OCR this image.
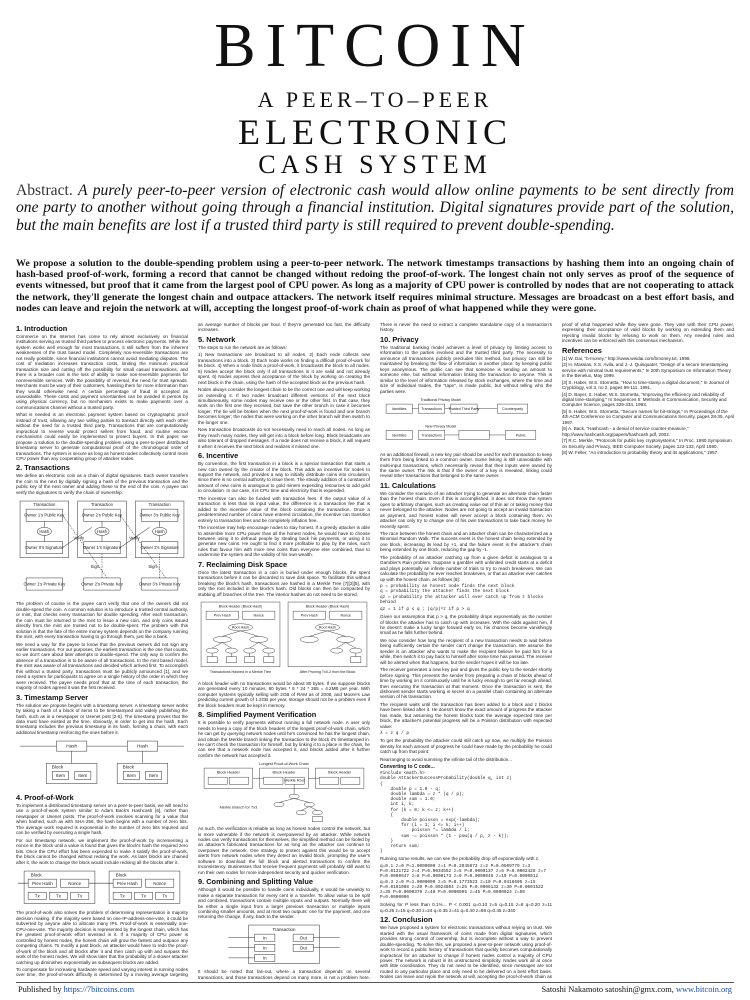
BITCOIN
A PEER–TO–PEER
ELECTRONIC
CASH SYSTEM
Abstract. A purely peer-to-peer version of electronic cash would allow online payments to be sent directly from one party to another without going through a financial institution. Digital signatures provide part of the solution, but the main benefits are lost if a trusted third party is still required to prevent double-spending.
We propose a solution to the double-spending problem using a peer-to-peer network. The network timestamps transactions by hashing them into an ongoing chain of hash-based proof-of-work, forming a record that cannot be changed without redoing the proof-of-work. The longest chain not only serves as proof of the sequence of events witnessed, but proof that it came from the largest pool of CPU power. As long as a majority of CPU power is controlled by nodes that are not cooperating to attack the network, they'll generate the longest chain and outpace attackers. The network itself requires minimal structure. Messages are broadcast on a best effort basis, and nodes can leave and rejoin the network at will, accepting the longest proof-of-work chain as proof of what happened while they were gone.
1. Introduction

Commerce on the Internet has come to rely almost exclusively on financial institutions serving as trusted third parties to process electronic payments. While the system works well enough for most transactions, it still suffers from the inherent weaknesses of the trust based model. Completely non-reversible transactions are not really possible, since financial institutions cannot avoid mediating disputes. The cost of mediation increases transaction costs, limiting the minimum practical transaction size and cutting off the possibility for small casual transactions, and there is a broader cost in the loss of ability to make non-reversible payments for nonreversible services. With the possibility of reversal, the need for trust spreads. Merchants must be wary of their customers, hassling them for more information than they would otherwise need. A certain percentage of fraud is accepted as unavoidable. These costs and payment uncertainties can be avoided in person by using physical currency, but no mechanism exists to make payments over a communications channel without a trusted party.

What is needed is an electronic payment system based on cryptographic proof instead of trust, allowing any two willing parties to transact directly with each other without the need for a trusted third party. Transactions that are computationally impractical to reverse would protect sellers from fraud, and routine escrow mechanisms could easily be implemented to protect buyers. In this paper, we propose a solution to the double-spending problem using a peer-to-peer distributed timestamp server to generate computational proof of the chronological order of transactions. The system is secure as long as honest nodes collectively control more CPU power than any cooperating group of attacker nodes.

2. Transactions

We define an electronic coin as a chain of digital signatures. Each owner transfers the coin to the next by digitally signing a hash of the previous transaction and the public key of the next owner and adding these to the end of the coin. A payee can verify the signatures to verify the chain of ownership.

Transaction	Transaction	Transaction
Owner 1's Public Key	Owner 2's Public Key	Owner 3's Public Key
Hash	Hash	Hash
Owner 0's Signature	Owner 1's Signature	Owner 2's Signature
Owner 1's Private Key	Owner 2's Private Key	Owner 3's Private Key
Verify	Verify
Sign	Sign

The problem of course is the payee can't verify that one of the owners did not double-spend the coin. A common solution is to introduce a trusted central authority, or mint, that checks every transaction for double spending. After each transaction, the coin must be returned to the mint to issue a new coin, and only coins issued directly from the mint are trusted not to be double-spent. The problem with this solution is that the fate of the entire money system depends on the company running the mint, with every transaction having to go through them, just like a bank.

We need a way for the payee to know that the previous owners did not sign any earlier transactions. For our purposes, the earliest transaction is the one that counts, so we don't care about later attempts to double-spend. The only way to confirm the absence of a transaction is to be aware of all transactions. In the mint based model, the mint was aware of all transactions and decided which arrived first. To accomplish this without a trusted party, transactions must be publicly announced [1], and we need a system for participants to agree on a single history of the order in which they were received. The payee needs proof that at the time of each transaction, the majority of nodes agreed it was the first received.

3. Timestamp Server

The solution we propose begins with a timestamp server. A timestamp server works by taking a hash of a block of items to be timestamped and widely publishing the hash, such as in a newspaper or Usenet post [2-5]. The timestamp proves that the data must have existed at the time, obviously, in order to get into the hash. Each timestamp includes the previous timestamp in its hash, forming a chain, with each additional timestamp reinforcing the ones before it.

Hash	Hash
Block	Block
Item	Item	Item	Item
4. Proof-of-Work

To implement a distributed timestamp server on a peer-to-peer basis, we will need to use a proof-of-work system similar to Adam Back's Hashcash [6], rather than newspaper or Usenet posts. The proof-of-work involves scanning for a value that when hashed, such as with SHA-256, the hash begins with a number of zero bits. The average work required is exponential in the number of zero bits required and can be verified by executing a single hash.

For our timestamp network, we implement the proof-of-work by incrementing a nonce in the block until a value is found that gives the block's hash the required zero bits. Once the CPU effort has been expended to make it satisfy the proof-of-work, the block cannot be changed without redoing the work. As later blocks are chained after it, the work to change the block would include redoing all the blocks after it.

Block	Block
Prev Hash	Nonce	Prev Hash	Nonce
Tx	Tx	Tx	Tx	Tx	Tx

The proof-of-work also solves the problem of determining representation in majority decision making. If the majority were based on one-IP-address-one-vote, it could be subverted by anyone able to allocate many IPs. Proof-of-work is essentially one-CPU-one-vote. The majority decision is represented by the longest chain, which has the greatest proof-of-work effort invested in it. If a majority of CPU power is controlled by honest nodes, the honest chain will grow the fastest and outpace any competing chains. To modify a past block, an attacker would have to redo the proof-of-work of the block and all blocks after it and then catch up with and surpass the work of the honest nodes. We will show later that the probability of a slower attacker catching up diminishes exponentially as subsequent blocks are added.

To compensate for increasing hardware speed and varying interest in running nodes over time, the proof-of-work difficulty is determined by a moving average targeting an average number of blocks per hour. If they're generated too fast, the difficulty increases.

5. Network

The steps to run the network are as follows:

1) New transactions are broadcast to all nodes. 2) Each node collects new transactions into a block. 3) Each node works on finding a difficult proof-of-work for its block. 4) When a node finds a proof-of-work, it broadcasts the block to all nodes. 5) Nodes accept the block only if all transactions in it are valid and not already spent. 6) Nodes express their acceptance of the block by working on creating the next block in the chain, using the hash of the accepted block as the previous hash.

Nodes always consider the longest chain to be the correct one and will keep working on extending it. If two nodes broadcast different versions of the next block simultaneously, some nodes may receive one or the other first. In that case, they work on the first one they received, but save the other branch in case it becomes longer. The tie will be broken when the next proof-of-work is found and one branch becomes longer; the nodes that were working on the other branch will then switch to the longer one.

New transaction broadcasts do not necessarily need to reach all nodes. As long as they reach many nodes, they will get into a block before long. Block broadcasts are also tolerant of dropped messages. If a node does not receive a block, it will request it when it receives the next block and realizes it missed one.

6. Incentive

By convention, the first transaction in a block is a special transaction that starts a new coin owned by the creator of the block. This adds an incentive for nodes to support the network, and provides a way to initially distribute coins into circulation, since there is no central authority to issue them. The steady addition of a constant of amount of new coins is analogous to gold miners expending resources to add gold to circulation. In our case, it is CPU time and electricity that is expended.

The incentive can also be funded with transaction fees. If the output value of a transaction is less than its input value, the difference is a transaction fee that is added to the incentive value of the block containing the transaction. Once a predetermined number of coins have entered circulation, the incentive can transition entirely to transaction fees and be completely inflation free.

The incentive may help encourage nodes to stay honest. If a greedy attacker is able to assemble more CPU power than all the honest nodes, he would have to choose between using it to defraud people by stealing back his payments, or using it to generate new coins. He ought to find it more profitable to play by the rules, such rules that favour him with more new coins than everyone else combined, than to undermine the system and the validity of his own wealth.

7. Reclaiming Disk Space

Once the latest transaction in a coin is buried under enough blocks, the spent transactions before it can be discarded to save disk space. To facilitate this without breaking the block's hash, transactions are hashed in a Merkle Tree [7][2][5], with only the root included in the block's hash. Old blocks can then be compacted by stubbing off branches of the tree. The interior hashes do not need to be stored.

Block Header (Block Hash)	Block Header (Block Hash)
Prev Hash	Nonce	Prev Hash	Nonce
Root Hash	Root Hash
Transactions Hashed in a Merkle Tree	After Pruning Tx0-2 from the Block

A block header with no transactions would be about 80 bytes. If we suppose blocks are generated every 10 minutes, 80 bytes * 6 * 24 * 365 = 4.2MB per year. With computer systems typically selling with 2GB of RAM as of 2008, and Moore's Law predicting current growth of 1.2GB per year, storage should not be a problem even if the block headers must be kept in memory.

8. Simplified Payment Verification

It is possible to verify payments without running a full network node. A user only needs to keep a copy of the block headers of the longest proof-of-work chain, which he can get by querying network nodes until he's convinced he has the longest chain, and obtain the Merkle branch linking the transaction to the block it's timestamped in. He can't check the transaction for himself, but by linking it to a place in the chain, he can see that a network node has accepted it, and blocks added after it further confirm the network has accepted it.

Longest Proof-of-Work Chain
Block Header	Block Header	Block Header
Merkle Root
Merkle Branch for Tx3

As such, the verification is reliable as long as honest nodes control the network, but is more vulnerable if the network is overpowered by an attacker. While network nodes can verify transactions for themselves, the simplified method can be fooled by an attacker's fabricated transactions for as long as the attacker can continue to overpower the network. One strategy to protect against this would be to accept alerts from network nodes when they detect an invalid block, prompting the user's software to download the full block and alerted transactions to confirm the inconsistency. Businesses that receive frequent payments will probably still want to run their own nodes for more independent security and quicker verification.

9. Combining and Splitting Value

Although it would be possible to handle coins individually, it would be unwieldy to make a separate transaction for every cent in a transfer. To allow value to be split and combined, transactions contain multiple inputs and outputs. Normally there will be either a single input from a larger previous transaction or multiple inputs combining smaller amounts, and at most two outputs: one for the payment, and one returning the change, if any, back to the sender.

Transaction
In
In
In
Out
Out

It should be noted that fan-out, where a transaction depends on several transactions, and those transactions depend on many more, is not a problem here. There is never the need to extract a complete standalone copy of a transaction's history.

10. Privacy

The traditional banking model achieves a level of privacy by limiting access to information to the parties involved and the trusted third party. The necessity to announce all transactions publicly precludes this method, but privacy can still be maintained by breaking the flow of information in another place: by keeping public keys anonymous. The public can see that someone is sending an amount to someone else, but without information linking the transaction to anyone. This is similar to the level of information released by stock exchanges, where the time and size of individual trades, the "tape", is made public, but without telling who the parties were.

Traditional Privacy Model
New Privacy Model
Identities	Transactions Trusted Third Party	Counterparty
Identities	Transactions	Public

As an additional firewall, a new key pair should be used for each transaction to keep them from being linked to a common owner. Some linking is still unavoidable with multi-input transactions, which necessarily reveal that their inputs were owned by the same owner. The risk is that if the owner of a key is revealed, linking could reveal other transactions that belonged to the same owner.

11. Calculations

We consider the scenario of an attacker trying to generate an alternate chain faster than the honest chain. Even if this is accomplished, it does not throw the system open to arbitrary changes, such as creating value out of thin air or taking money that never belonged to the attacker. Nodes are not going to accept an invalid transaction as payment, and honest nodes will never accept a block containing them. An attacker can only try to change one of his own transactions to take back money he recently spent.

The race between the honest chain and an attacker chain can be characterized as a Binomial Random Walk. The success event is the honest chain being extended by one block, increasing its lead by +1, and the failure event is the attacker's chain being extended by one block, reducing the gap by -1.

The probability of an attacker catching up from a given deficit is analogous to a Gambler's Ruin problem. Suppose a gambler with unlimited credit starts at a deficit and plays potentially an infinite number of trials to try to reach breakeven. We can calculate the probability he ever reaches breakeven, or that an attacker ever catches up with the honest chain, as follows [8]:

p = probability an honest node finds the next block
q = probability the attacker finds the next block
qz = probability the attacker will ever catch up from z blocks behind
qz = 1 if p ≤ q ; (q/p)^z if p > q

Given our assumption that p > q, the probability drops exponentially as the number of blocks the attacker has to catch up with increases. With the odds against him, if he doesn't make a lucky lunge forward early on, his chances become vanishingly small as he falls further behind.

We now consider how long the recipient of a new transaction needs to wait before being sufficiently certain the sender can't change the transaction. We assume the sender is an attacker who wants to make the recipient believe he paid him for a while, then switch it to pay back to himself after some time has passed. The receiver will be alerted when that happens, but the sender hopes it will be too late.

The receiver generates a new key pair and gives the public key to the sender shortly before signing. This prevents the sender from preparing a chain of blocks ahead of time by working on it continuously until he is lucky enough to get far enough ahead, then executing the transaction at that moment. Once the transaction is sent, the dishonest sender starts working in secret on a parallel chain containing an alternate version of his transaction.

The recipient waits until the transaction has been added to a block and z blocks have been linked after it. He doesn't know the exact amount of progress the attacker has made, but assuming the honest blocks took the average expected time per block, the attacker's potential progress will be a Poisson distribution with expected value:

λ = z q / p

To get the probability the attacker could still catch up now, we multiply the Poisson density for each amount of progress he could have made by the probability he could catch up from that point:

Rearranging to avoid summing the infinite tail of the distribution...

Converting to C code...
#include <math.h>
double AttackerSuccessProbability(double q, int z)
{
double p = 1.0 - q;
double lambda = z * (q / p);
double sum = 1.0;
int i, k;
for (k = 0; k <= z; k++)
{
double poisson = exp(-lambda);
for (i = 1; i <= k; i++)
poisson *= lambda / i;
sum -= poisson * (1 - pow(q / p, z - k));
}
return sum;
}

Running some results, we can see the probability drop off exponentially with z.

q=0.1 z=0 P=1.0000000 z=1 P=0.2045873 z=2 P=0.0509779 z=3 P=0.0131722 z=4 P=0.0034552 z=5 P=0.0009137 z=6 P=0.0002428 z=7 P=0.0000647 z=8 P=0.0000173 z=9 P=0.0000046 z=10 P=0.0000012 q=0.3 z=0 P=1.0000000 z=5 P=0.1773523 z=10 P=0.0416605 z=15 P=0.0101008 z=20 P=0.0024804 z=25 P=0.0006132 z=30 P=0.0001522 z=35 P=0.0000379 z=40 P=0.0000095 z=45 P=0.0000024 z=50 P=0.0000006

Solving for P less than 0.1%... P < 0.001 q=0.10 z=5 q=0.15 z=8 q=0.20 z=11 q=0.25 z=15 q=0.30 z=24 q=0.35 z=41 q=0.40 z=89 q=0.45 z=340

12. Conclusion

We have proposed a system for electronic transactions without relying on trust. We started with the usual framework of coins made from digital signatures, which provides strong control of ownership, but is incomplete without a way to prevent double-spending. To solve this, we proposed a peer-to-peer network using proof-of-work to record a public history of transactions that quickly becomes computationally impractical for an attacker to change if honest nodes control a majority of CPU power. The network is robust in its unstructured simplicity. Nodes work all at once with little coordination. They do not need to be identified, since messages are not routed to any particular place and only need to be delivered on a best effort basis. Nodes can leave and rejoin the network at will, accepting the proof-of-work chain as proof of what happened while they were gone. They vote with their CPU power, expressing their acceptance of valid blocks by working on extending them and rejecting invalid blocks by refusing to work on them. Any needed rules and incentives can be enforced with this consensus mechanism.

References
[1] W. Dai, "b-money," http://www.weidai.com/bmoney.txt, 1998.
[2] H. Massias, X.S. Avila, and J.-J. Quisquater, "Design of a secure timestamping service with minimal trust requirements," In 20th Symposium on Information Theory in the Benelux, May 1999.
[3] S. Haber, W.S. Stornetta, "How to time-stamp a digital document," In Journal of Cryptology, vol 3, no 2, pages 99-111, 1991.
[4] D. Bayer, S. Haber, W.S. Stornetta, "Improving the efficiency and reliability of digital time-stamping," In Sequences II: Methods in Communication, Security and Computer Science, pages 329-334, 1993.
[5] S. Haber, W.S. Stornetta, "Secure names for bit-strings," In Proceedings of the 4th ACM Conference on Computer and Communications Security, pages 28-35, April 1997.
[6] A. Back, "Hashcash - a denial of service counter-measure," http://www.hashcash.org/papers/hashcash.pdf, 2002.
[7] R.C. Merkle, "Protocols for public key cryptosystems," In Proc. 1980 Symposium on Security and Privacy, IEEE Computer Society, pages 122-133, April 1980.
[8] W. Feller, "An introduction to probability theory and its applications," 1957.
Published by https://7bitcoins.com	Satoshi Nakamoto satoshin@gmx.com, www.bitcoin.org
